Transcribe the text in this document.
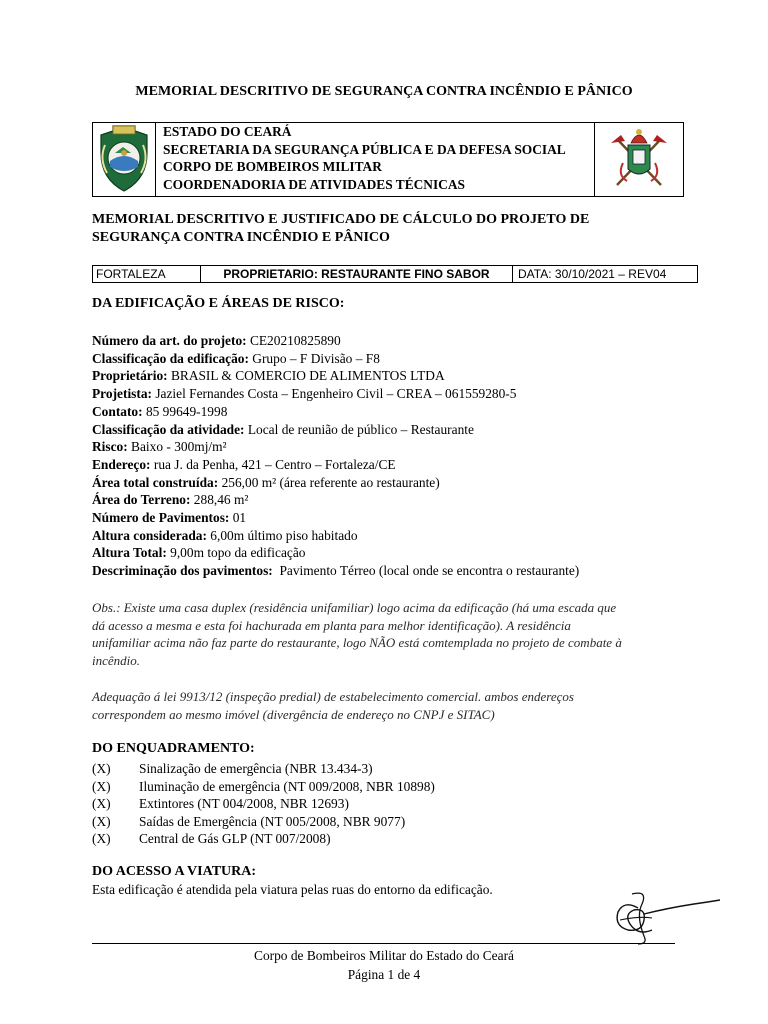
MEMORIAL DESCRITIVO DE SEGURANÇA CONTRA INCÊNDIO E PÂNICO
ESTADO DO CEARÁ
SECRETARIA DA SEGURANÇA PÚBLICA E DA DEFESA SOCIAL
CORPO DE BOMBEIROS MILITAR
COORDENADORIA DE ATIVIDADES TÉCNICAS
MEMORIAL DESCRITIVO E JUSTIFICADO DE CÁLCULO DO PROJETO DE
SEGURANÇA CONTRA INCÊNDIO E PÂNICO
FORTALEZA	PROPRIETARIO: RESTAURANTE FINO SABOR	DATA: 30/10/2021 – REV04
DA EDIFICAÇÃO E ÁREAS DE RISCO:
Número da art. do projeto: CE20210825890
Classificação da edificação: Grupo – F Divisão – F8
Proprietário: BRASIL & COMERCIO DE ALIMENTOS LTDA
Projetista: Jaziel Fernandes Costa – Engenheiro Civil – CREA – 061559280-5
Contato: 85 99649-1998
Classificação da atividade: Local de reunião de público – Restaurante
Risco: Baixo - 300mj/m²
Endereço: rua J. da Penha, 421 – Centro – Fortaleza/CE
Área total construída: 256,00 m² (área referente ao restaurante)
Área do Terreno: 288,46 m²
Número de Pavimentos: 01
Altura considerada: 6,00m último piso habitado
Altura Total: 9,00m topo da edificação
Descriminação dos pavimentos:  Pavimento Térreo (local onde se encontra o restaurante)
Obs.: Existe uma casa duplex (residência unifamiliar) logo acima da edificação (há uma escada que
dá acesso a mesma e esta foi hachurada em planta para melhor identificação). A residência
unifamiliar acima não faz parte do restaurante, logo NÃO está comtemplada no projeto de combate à
incêndio.
Adequação á lei 9913/12 (inspeção predial) de estabelecimento comercial. ambos endereços
correspondem ao mesmo imóvel (divergência de endereço no CNPJ e SITAC)
DO ENQUADRAMENTO:
(X)	Sinalização de emergência (NBR 13.434-3)
(X)	Iluminação de emergência (NT 009/2008, NBR 10898)
(X)	Extintores (NT 004/2008, NBR 12693)
(X)	Saídas de Emergência (NT 005/2008, NBR 9077)
(X)	Central de Gás GLP (NT 007/2008)
DO ACESSO A VIATURA:
Esta edificação é atendida pela viatura pelas ruas do entorno da edificação.
Corpo de Bombeiros Militar do Estado do Ceará
Página 1 de 4
